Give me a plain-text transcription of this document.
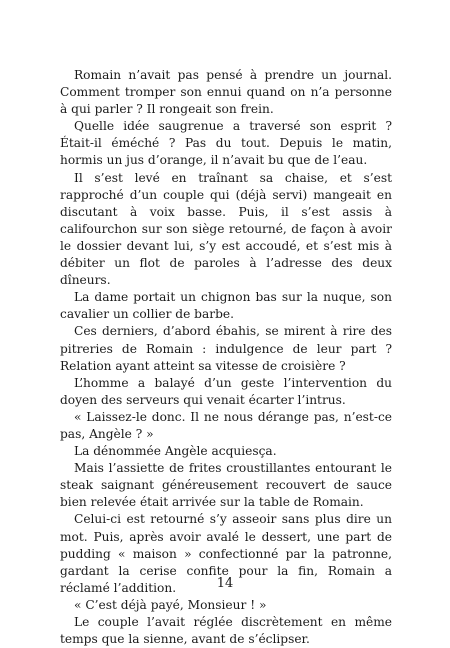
Romain n’avait pas pensé à prendre un journal. Comment tromper son ennui quand on n’a personne à qui parler ? Il rongeait son frein.

Quelle idée saugrenue a traversé son esprit ? Était-il éméché ? Pas du tout. Depuis le matin, hormis un jus d’orange, il n’avait bu que de l’eau.

Il s’est levé en traînant sa chaise, et s’est rapproché d’un couple qui (déjà servi) mangeait en discutant à voix basse. Puis, il s’est assis à califourchon sur son siège retourné, de façon à avoir le dossier devant lui, s’y est accoudé, et s’est mis à débiter un flot de paroles à l’adresse des deux dîneurs.

La dame portait un chignon bas sur la nuque, son cavalier un collier de barbe.

Ces derniers, d’abord ébahis, se mirent à rire des pitreries de Romain : indulgence de leur part ? Relation ayant atteint sa vitesse de croisière ?

L’homme a balayé d’un geste l’intervention du doyen des serveurs qui venait écarter l’intrus.

« Laissez-le donc. Il ne nous dérange pas, n’est-ce pas, Angèle ? »

La dénommée Angèle acquiesça.

Mais l’assiette de frites croustillantes entourant le steak saignant généreusement recouvert de sauce bien relevée était arrivée sur la table de Romain.

Celui-ci est retourné s’y asseoir sans plus dire un mot. Puis, après avoir avalé le dessert, une part de pudding « maison » confectionné par la patronne, gardant la cerise confite pour la fin, Romain a réclamé l’addition.

« C’est déjà payé, Monsieur ! »

Le couple l’avait réglée discrètement en même temps que la sienne, avant de s’éclipser.

14
